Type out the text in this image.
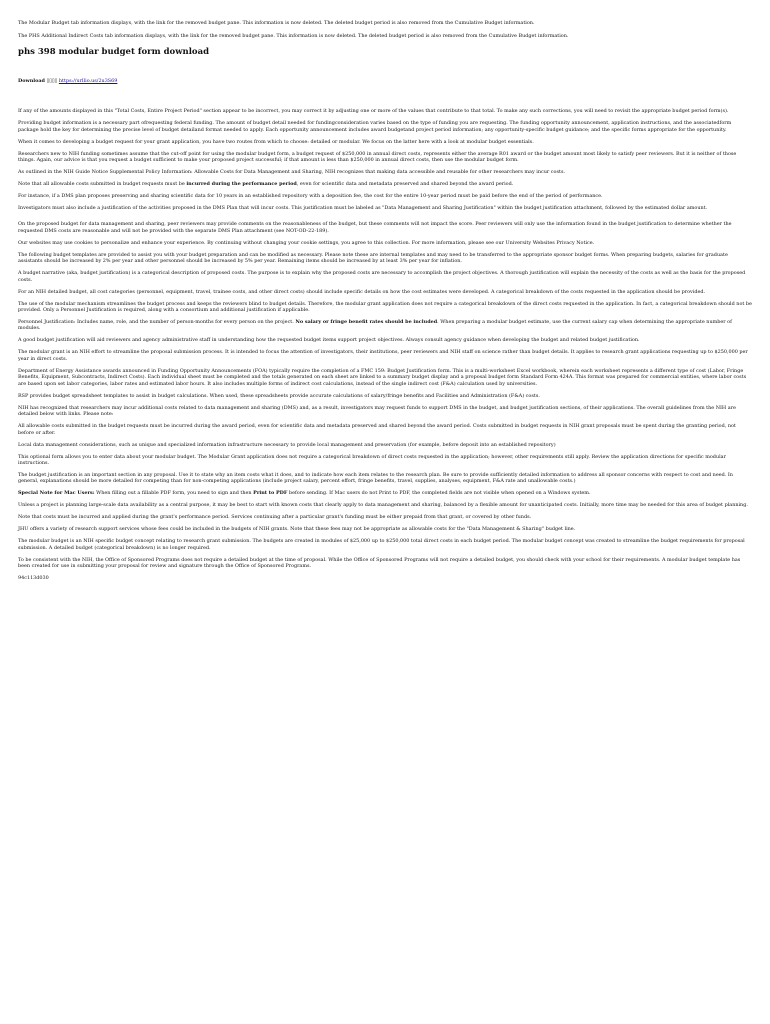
The Modular Budget tab information displays, with the link for the removed budget pane. This information is now deleted. The deleted budget period is also removed from the Cumulative Budget information.

The PHS Additional Indirect Costs tab information displays, with the link for the removed budget pane. This information is now deleted. The deleted budget period is also removed from the Cumulative Budget information.

phs 398 modular budget form download

Download ▯▯▯▯ https://urllio.us/2u3S69

If any of the amounts displayed in this "Total Costs, Entire Project Period" section appear to be incorrect, you may correct it by adjusting one or more of the values that contribute to that total. To make any such corrections, you will need to revisit the appropriate budget period form(s).

Providing budget information is a necessary part ofrequesting federal funding. The amount of budget detail needed for fundingconsideration varies based on the type of funding you are requesting. The funding opportunity announcement, application instructions, and the associatedform package hold the key for determining the precise level of budget detailand format needed to apply. Each opportunity announcement includes award budgetand project period information; any opportunity-specific budget guidance; and the specific forms appropriate for the opportunity.

When it comes to developing a budget request for your grant application, you have two routes from which to choose: detailed or modular. We focus on the latter here with a look at modular budget essentials.

Researchers new to NIH funding sometimes assume that the cut-off point for using the modular budget form, a budget request of $250,000 in annual direct costs, represents either the average R01 award or the budget amount most likely to satisfy peer reviewers. But it is neither of those things. Again, our advice is that you request a budget sufficient to make your proposed project successful; if that amount is less than $250,000 in annual direct costs, then use the modular budget form.

As outlined in the NIH Guide Notice Supplemental Policy Information: Allowable Costs for Data Management and Sharing, NIH recognizes that making data accessible and reusable for other researchers may incur costs.

Note that all allowable costs submitted in budget requests must be incurred during the performance period, even for scientific data and metadata preserved and shared beyond the award period.

For instance, if a DMS plan proposes preserving and sharing scientific data for 10 years in an established repository with a deposition fee, the cost for the entire 10-year period must be paid before the end of the period of performance.

Investigators must also include a justification of the activities proposed in the DMS Plan that will incur costs. This justification must be labeled as "Data Management and Sharing Justification" within the budget justification attachment, followed by the estimated dollar amount.

On the proposed budget for data management and sharing, peer reviewers may provide comments on the reasonableness of the budget, but these comments will not impact the score. Peer reviewers will only use the information found in the budget justification to determine whether the requested DMS costs are reasonable and will not be provided with the separate DMS Plan attachment (see NOT-OD-22-189).

Our websites may use cookies to personalize and enhance your experience. By continuing without changing your cookie settings, you agree to this collection. For more information, please see our University Websites Privacy Notice.

The following budget templates are provided to assist you with your budget preparation and can be modified as necessary. Please note these are internal templates and may need to be transferred to the appropriate sponsor budget forms. When preparing budgets, salaries for graduate assistants should be increased by 2% per year and other personnel should be increased by 5% per year. Remaining items should be increased by at least 3% per year for inflation.

A budget narrative (aka, budget justification) is a categorical description of proposed costs. The purpose is to explain why the proposed costs are necessary to accomplish the project objectives. A thorough justification will explain the necessity of the costs as well as the basis for the proposed costs.

For an NIH detailed budget, all cost categories (personnel, equipment, travel, trainee costs, and other direct costs) should include specific details on how the cost estimates were developed. A categorical breakdown of the costs requested in the application should be provided.

The use of the modular mechanism streamlines the budget process and keeps the reviewers blind to budget details. Therefore, the modular grant application does not require a categorical breakdown of the direct costs requested in the application. In fact, a categorical breakdown should not be provided. Only a Personnel Justification is required, along with a consortium and additional justification if applicable.

Personnel Justification: Includes name, role, and the number of person-months for every person on the project. No salary or fringe benefit rates should be included. When preparing a modular budget estimate, use the current salary cap when determining the appropriate number of modules.

A good budget justification will aid reviewers and agency administrative staff in understanding how the requested budget items support project objectives. Always consult agency guidance when developing the budget and related budget justification.

The modular grant is an NIH effort to streamline the proposal submission process. It is intended to focus the attention of investigators, their institutions, peer reviewers and NIH staff on science rather than budget details. It applies to research grant applications requesting up to $250,000 per year in direct costs.

Department of Energy Assistance awards announced in Funding Opportunity Announcements (FOA) typically require the completion of a FMC 159: Budget Justification form. This is a multi-worksheet Excel workbook, wherein each worksheet represents a different type of cost (Labor, Fringe Benefits, Equipment, Subcontracts, Indirect Costs). Each individual sheet must be completed and the totals generated on each sheet are linked to a summary budget display and a proposal budget form Standard Form 424A. This format was prepared for commercial entities, where labor costs are based upon set labor categories, labor rates and estimated labor hours. It also includes multiple forms of indirect cost calculations, instead of the single indirect cost (F&A) calculation used by universities.

RSP provides budget spreadsheet templates to assist in budget calculations. When used, these spreadsheets provide accurate calculations of salary/fringe benefits and Facilities and Administration (F&A) costs.

NIH has recognized that researchers may incur additional costs related to data management and sharing (DMS) and, as a result, investigators may request funds to support DMS in the budget, and budget justification sections, of their applications. The overall guidelines from the NIH are detailed below with links. Please note:

All allowable costs submitted in the budget requests must be incurred during the award period, even for scientific data and metadata preserved and shared beyond the award period. Costs submitted in budget requests in NIH grant proposals must be spent during the granting period, not before or after.

Local data management considerations, such as unique and specialized information infrastructure necessary to provide local management and preservation (for example, before deposit into an established repository)

This optional form allows you to enter data about your modular budget. The Modular Grant application does not require a categorical breakdown of direct costs requested in the application; however, other requirements still apply. Review the application directions for specific modular instructions.

The budget justification is an important section in any proposal. Use it to state why an item costs what it does, and to indicate how each item relates to the research plan. Be sure to provide sufficiently detailed information to address all sponsor concerns with respect to cost and need. In general, explanations should be more detailed for competing than for non-competing applications (include project salary, percent effort, fringe benefits, travel, supplies, analyses, equipment, F&A rate and unallowable costs.)

Special Note for Mac Users: When filling out a fillable PDF form, you need to sign and then Print to PDF before sending. If Mac users do not Print to PDF, the completed fields are not visible when opened on a Windows system.

Unless a project is planning large-scale data availability as a central purpose, it may be best to start with known costs that clearly apply to data management and sharing, balanced by a flexible amount for unanticipated costs. Initially, more time may be needed for this area of budget planning.

Note that costs must be incurred and applied during the grant's performance period. Services continuing after a particular grant's funding must be either prepaid from that grant, or covered by other funds.

JHU offers a variety of research support services whose fees could be included in the budgets of NIH grants. Note that these fees may not be appropriate as allowable costs for the "Data Management & Sharing" budget line.

The modular budget is an NIH specific budget concept relating to research grant submission. The budgets are created in modules of $25,000 up to $250,000 total direct costs in each budget period. The modular budget concept was created to streamline the budget requirements for proposal submission. A detailed budget (categorical breakdown) is no longer required.

To be consistent with the NIH, the Office of Sponsored Programs does not require a detailed budget at the time of proposal. While the Office of Sponsored Programs will not require a detailed budget, you should check with your school for their requirements. A modular budget template has been created for use in submitting your proposal for review and signature through the Office of Sponsored Programs.

94c113d030
